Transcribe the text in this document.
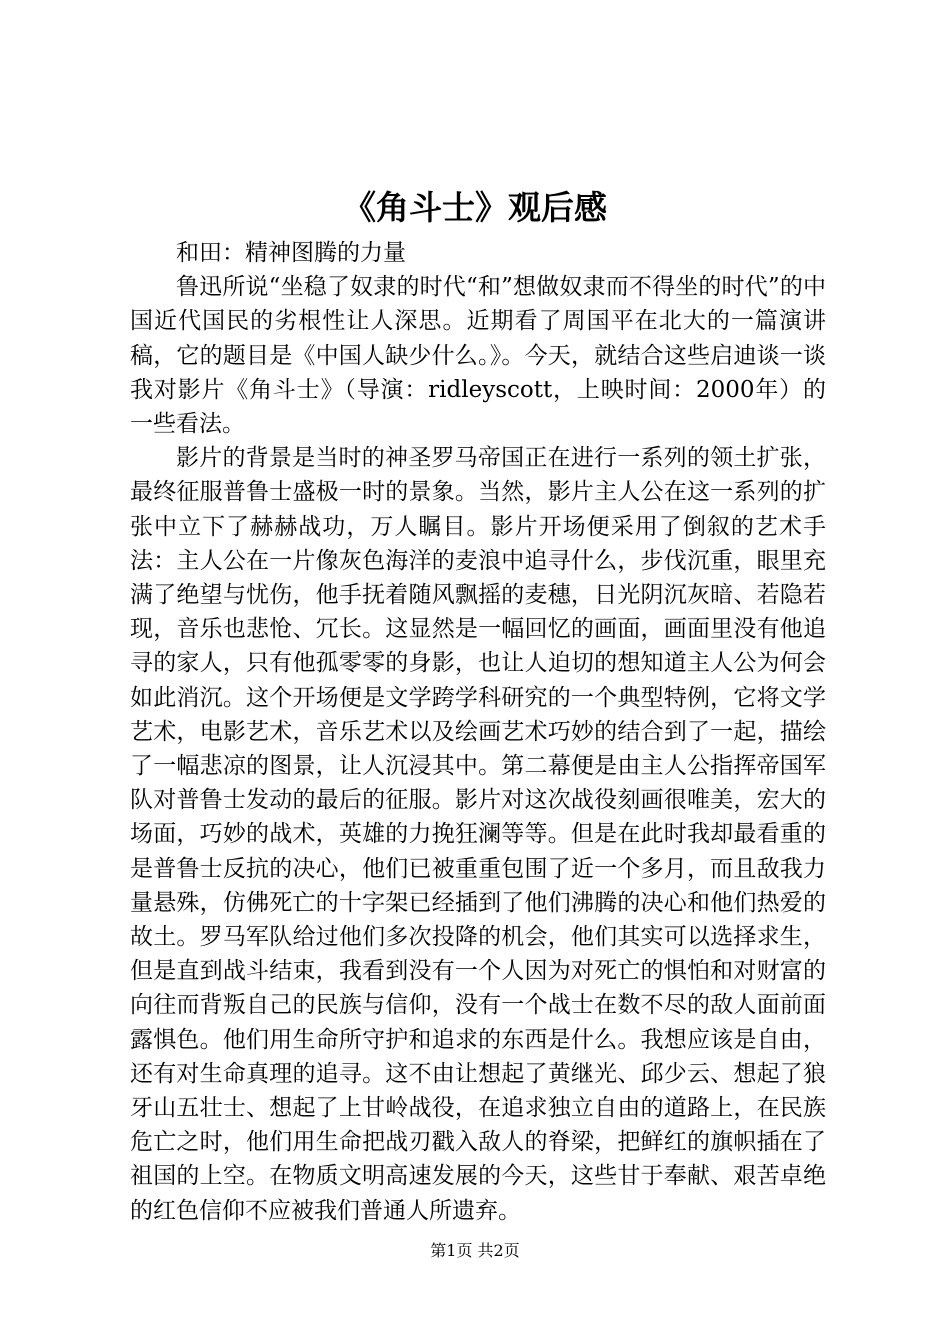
《角斗士》观后感

和田：精神图腾的力量

鲁迅所说“坐稳了奴隶的时代“和”想做奴隶而不得坐的时代”的中国近代国民的劣根性让人深思。近期看了周国平在北大的一篇演讲稿，它的题目是《中国人缺少什么。》。今天，就结合这些启迪谈一谈我对影片《角斗士》（导演：ridleyscott，上映时间：2000年）的一些看法。

影片的背景是当时的神圣罗马帝国正在进行一系列的领土扩张，最终征服普鲁士盛极一时的景象。当然，影片主人公在这一系列的扩张中立下了赫赫战功，万人瞩目。影片开场便采用了倒叙的艺术手法：主人公在一片像灰色海洋的麦浪中追寻什么，步伐沉重，眼里充满了绝望与忧伤，他手抚着随风飘摇的麦穗，日光阴沉灰暗、若隐若现，音乐也悲怆、冗长。这显然是一幅回忆的画面，画面里没有他追寻的家人，只有他孤零零的身影，也让人迫切的想知道主人公为何会如此消沉。这个开场便是文学跨学科研究的一个典型特例，它将文学艺术，电影艺术，音乐艺术以及绘画艺术巧妙的结合到了一起，描绘了一幅悲凉的图景，让人沉浸其中。第二幕便是由主人公指挥帝国军队对普鲁士发动的最后的征服。影片对这次战役刻画很唯美，宏大的场面，巧妙的战术，英雄的力挽狂澜等等。但是在此时我却最看重的是普鲁士反抗的决心，他们已被重重包围了近一个多月，而且敌我力量悬殊，仿佛死亡的十字架已经插到了他们沸腾的决心和他们热爱的故土。罗马军队给过他们多次投降的机会，他们其实可以选择求生，但是直到战斗结束，我看到没有一个人因为对死亡的惧怕和对财富的向往而背叛自己的民族与信仰，没有一个战士在数不尽的敌人面前面露惧色。他们用生命所守护和追求的东西是什么。我想应该是自由，还有对生命真理的追寻。这不由让想起了黄继光、邱少云、想起了狼牙山五壮士、想起了上甘岭战役，在追求独立自由的道路上，在民族危亡之时，他们用生命把战刃戳入敌人的脊梁，把鲜红的旗帜插在了祖国的上空。在物质文明高速发展的今天，这些甘于奉献、艰苦卓绝的红色信仰不应被我们普通人所遗弃。

第1页 共2页
